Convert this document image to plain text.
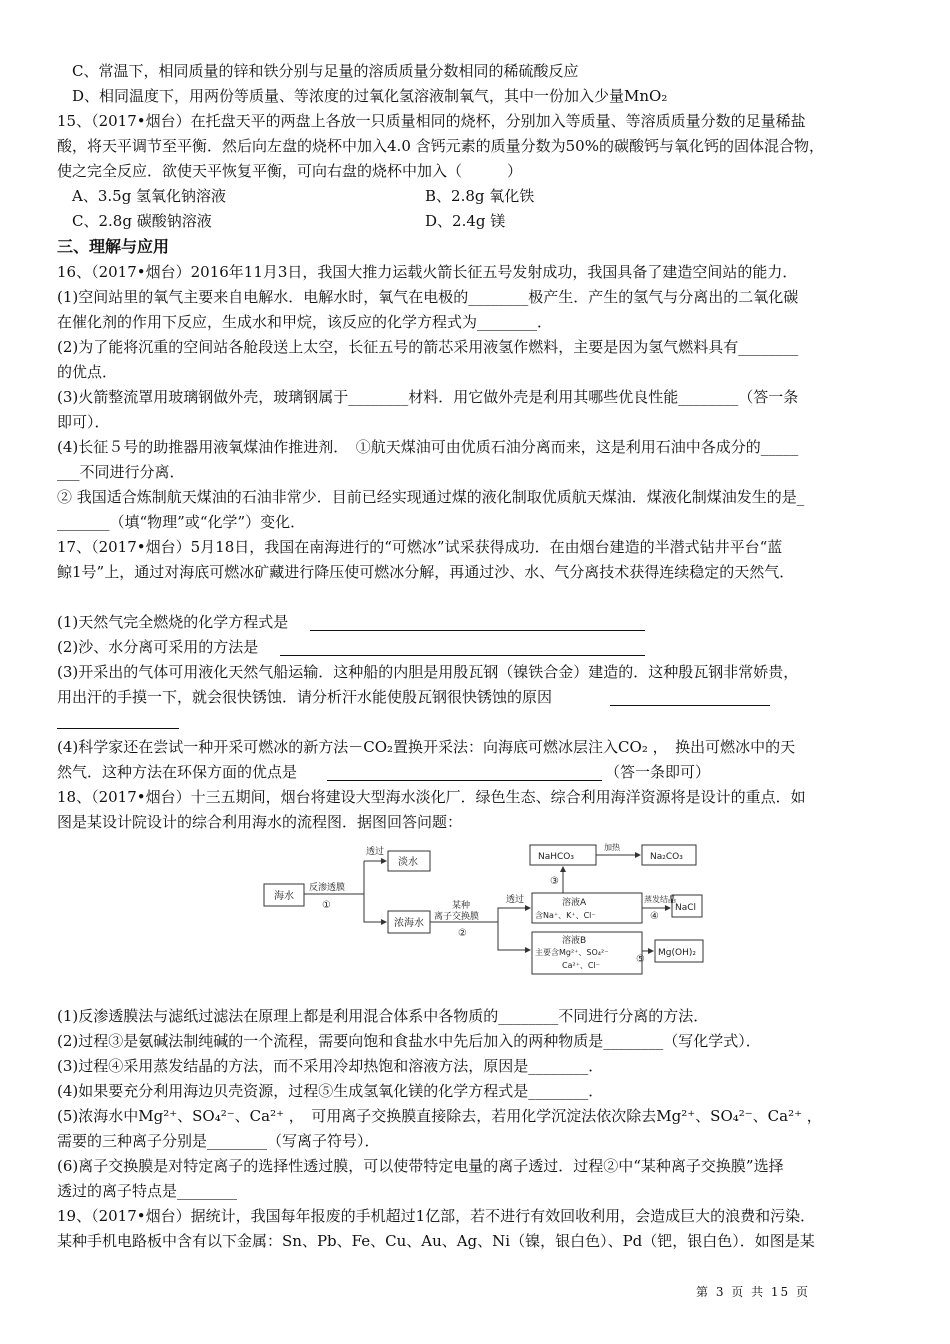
C、常温下，相同质量的锌和铁分别与足量的溶质质量分数相同的稀硫酸反应
D、相同温度下，用两份等质量、等浓度的过氧化氢溶液制氧气，其中一份加入少量MnO₂
15、（2017•烟台）在托盘天平的两盘上各放一只质量相同的烧杯，分别加入等质量、等溶质质量分数的足量稀盐
酸，将天平调节至平衡．然后向左盘的烧杯中加入4.0 含钙元素的质量分数为50%的碳酸钙与氧化钙的固体混合物，
使之完全反应．欲使天平恢复平衡，可向右盘的烧杯中加入（　　　）
A、3.5g 氢氧化钠溶液	B、2.8g 氧化铁
C、2.8g 碳酸钠溶液	D、2.4g 镁
三、理解与应用
16、（2017•烟台）2016年11月3日，我国大推力运载火箭长征五号发射成功，我国具备了建造空间站的能力．
(1)空间站里的氧气主要来自电解水．电解水时，氧气在电极的________极产生．产生的氢气与分离出的二氧化碳
在催化剂的作用下反应，生成水和甲烷，该反应的化学方程式为________．
(2)为了能将沉重的空间站各舱段送上太空，长征五号的箭芯采用液氢作燃料，主要是因为氢气燃料具有________
的优点．
(3)火箭整流罩用玻璃钢做外壳，玻璃钢属于________材料．用它做外壳是利用其哪些优良性能________（答一条
即可）．
(4)长征５号的助推器用液氧煤油作推进剂．　①航天煤油可由优质石油分离而来，这是利用石油中各成分的_____
___不同进行分离．
② 我国适合炼制航天煤油的石油非常少．目前已经实现通过煤的液化制取优质航天煤油．煤液化制煤油发生的是_
_______（填“物理”或“化学”）变化．
17、（2017•烟台）5月18日，我国在南海进行的“可燃冰”试采获得成功．在由烟台建造的半潜式钻井平台“蓝
鲸1号”上，通过对海底可燃冰矿藏进行降压使可燃冰分解，再通过沙、水、气分离技术获得连续稳定的天然气．
(1)天然气完全燃烧的化学方程式是
(2)沙、水分离可采用的方法是
(3)开采出的气体可用液化天然气船运输．这种船的内胆是用殷瓦钢（镍铁合金）建造的．这种殷瓦钢非常娇贵，
用出汗的手摸一下，就会很快锈蚀．请分析汗水能使殷瓦钢很快锈蚀的原因
(4)科学家还在尝试一种开采可燃冰的新方法－CO₂置换开采法：向海底可燃冰层注入CO₂ ，　换出可燃冰中的天
然气．这种方法在环保方面的优点是	（答一条即可）
18、（2017•烟台）十三五期间，烟台将建设大型海水淡化厂．绿色生态、综合利用海洋资源将是设计的重点．如
图是某设计院设计的综合利用海水的流程图．据图回答问题：
海水
反渗透膜
①
透过
淡水
浓海水
某种
离子交换膜
②
透过	溶液A
含Na⁺、K⁺、Cl⁻
③
NaHCO₃
加热
Na₂CO₃
蒸发结晶
④
NaCl
溶液B
主要含Mg²⁺、SO₄²⁻
Ca²⁺、Cl⁻
⑤
Mg(OH)₂
(1)反渗透膜法与滤纸过滤法在原理上都是利用混合体系中各物质的________不同进行分离的方法．
(2)过程③是氨碱法制纯碱的一个流程，需要向饱和食盐水中先后加入的两种物质是________（写化学式）．
(3)过程④采用蒸发结晶的方法，而不采用冷却热饱和溶液方法，原因是________．
(4)如果要充分利用海边贝壳资源，过程⑤生成氢氧化镁的化学方程式是________．
(5)浓海水中Mg²⁺、SO₄²⁻、Ca²⁺ ，　可用离子交换膜直接除去，若用化学沉淀法依次除去Mg²⁺、SO₄²⁻、Ca²⁺ ，
需要的三种离子分别是________（写离子符号）．
(6)离子交换膜是对特定离子的选择性透过膜，可以使带特定电量的离子透过．过程②中“某种离子交换膜”选择
透过的离子特点是________
19、（2017•烟台）据统计，我国每年报废的手机超过1亿部，若不进行有效回收利用，会造成巨大的浪费和污染．
某种手机电路板中含有以下金属：Sn、Pb、Fe、Cu、Au、Ag、Ni（镍，银白色）、Pd（钯，银白色）．如图是某
第 3 页 共 15 页
